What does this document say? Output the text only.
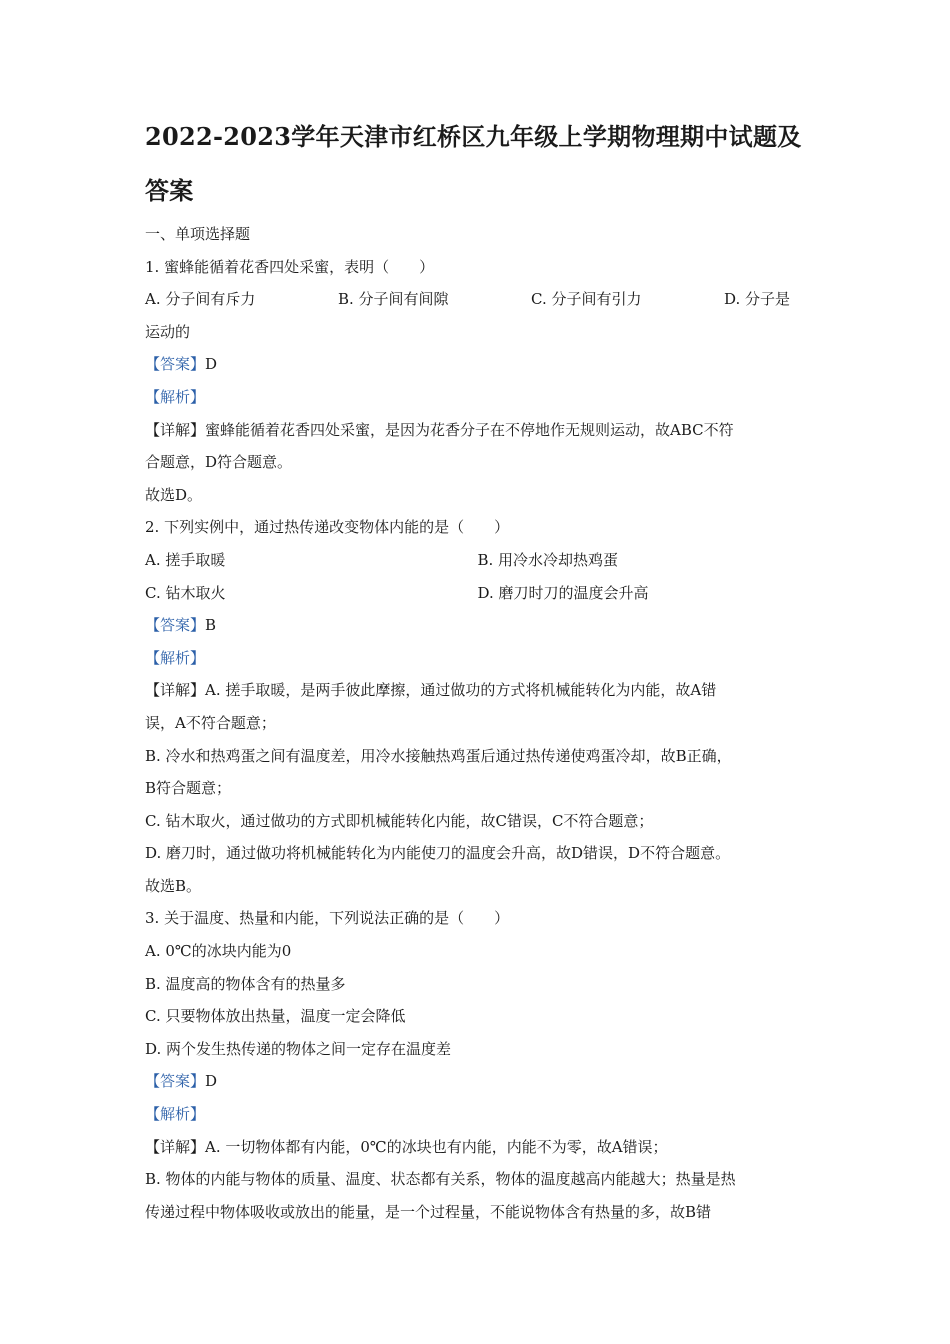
2022-2023学年天津市红桥区九年级上学期物理期中试题及
答案

一、单项选择题

1. 蜜蜂能循着花香四处采蜜，表明（　　）

A. 分子间有斥力	B. 分子间有间隙	C. 分子间有引力	D. 分子是

运动的

【答案】D

【解析】

【详解】蜜蜂能循着花香四处采蜜，是因为花香分子在不停地作无规则运动，故ABC不符

合题意，D符合题意。

故选D。

2. 下列实例中，通过热传递改变物体内能的是（　　）

A. 搓手取暖	B. 用冷水冷却热鸡蛋
C. 钻木取火	D. 磨刀时刀的温度会升高

【答案】B

【解析】

【详解】A. 搓手取暖，是两手彼此摩擦，通过做功的方式将机械能转化为内能，故A错

误，A不符合题意；

B. 冷水和热鸡蛋之间有温度差，用冷水接触热鸡蛋后通过热传递使鸡蛋冷却，故B正确，

B符合题意；

C. 钻木取火，通过做功的方式即机械能转化内能，故C错误，C不符合题意；

D. 磨刀时，通过做功将机械能转化为内能使刀的温度会升高，故D错误，D不符合题意。

故选B。

3. 关于温度、热量和内能，下列说法正确的是（　　）

A. 0℃的冰块内能为0

B. 温度高的物体含有的热量多

C. 只要物体放出热量，温度一定会降低

D. 两个发生热传递的物体之间一定存在温度差

【答案】D

【解析】

【详解】A. 一切物体都有内能，0℃的冰块也有内能，内能不为零，故A错误；

B. 物体的内能与物体的质量、温度、状态都有关系，物体的温度越高内能越大；热量是热

传递过程中物体吸收或放出的能量，是一个过程量，不能说物体含有热量的多，故B错
